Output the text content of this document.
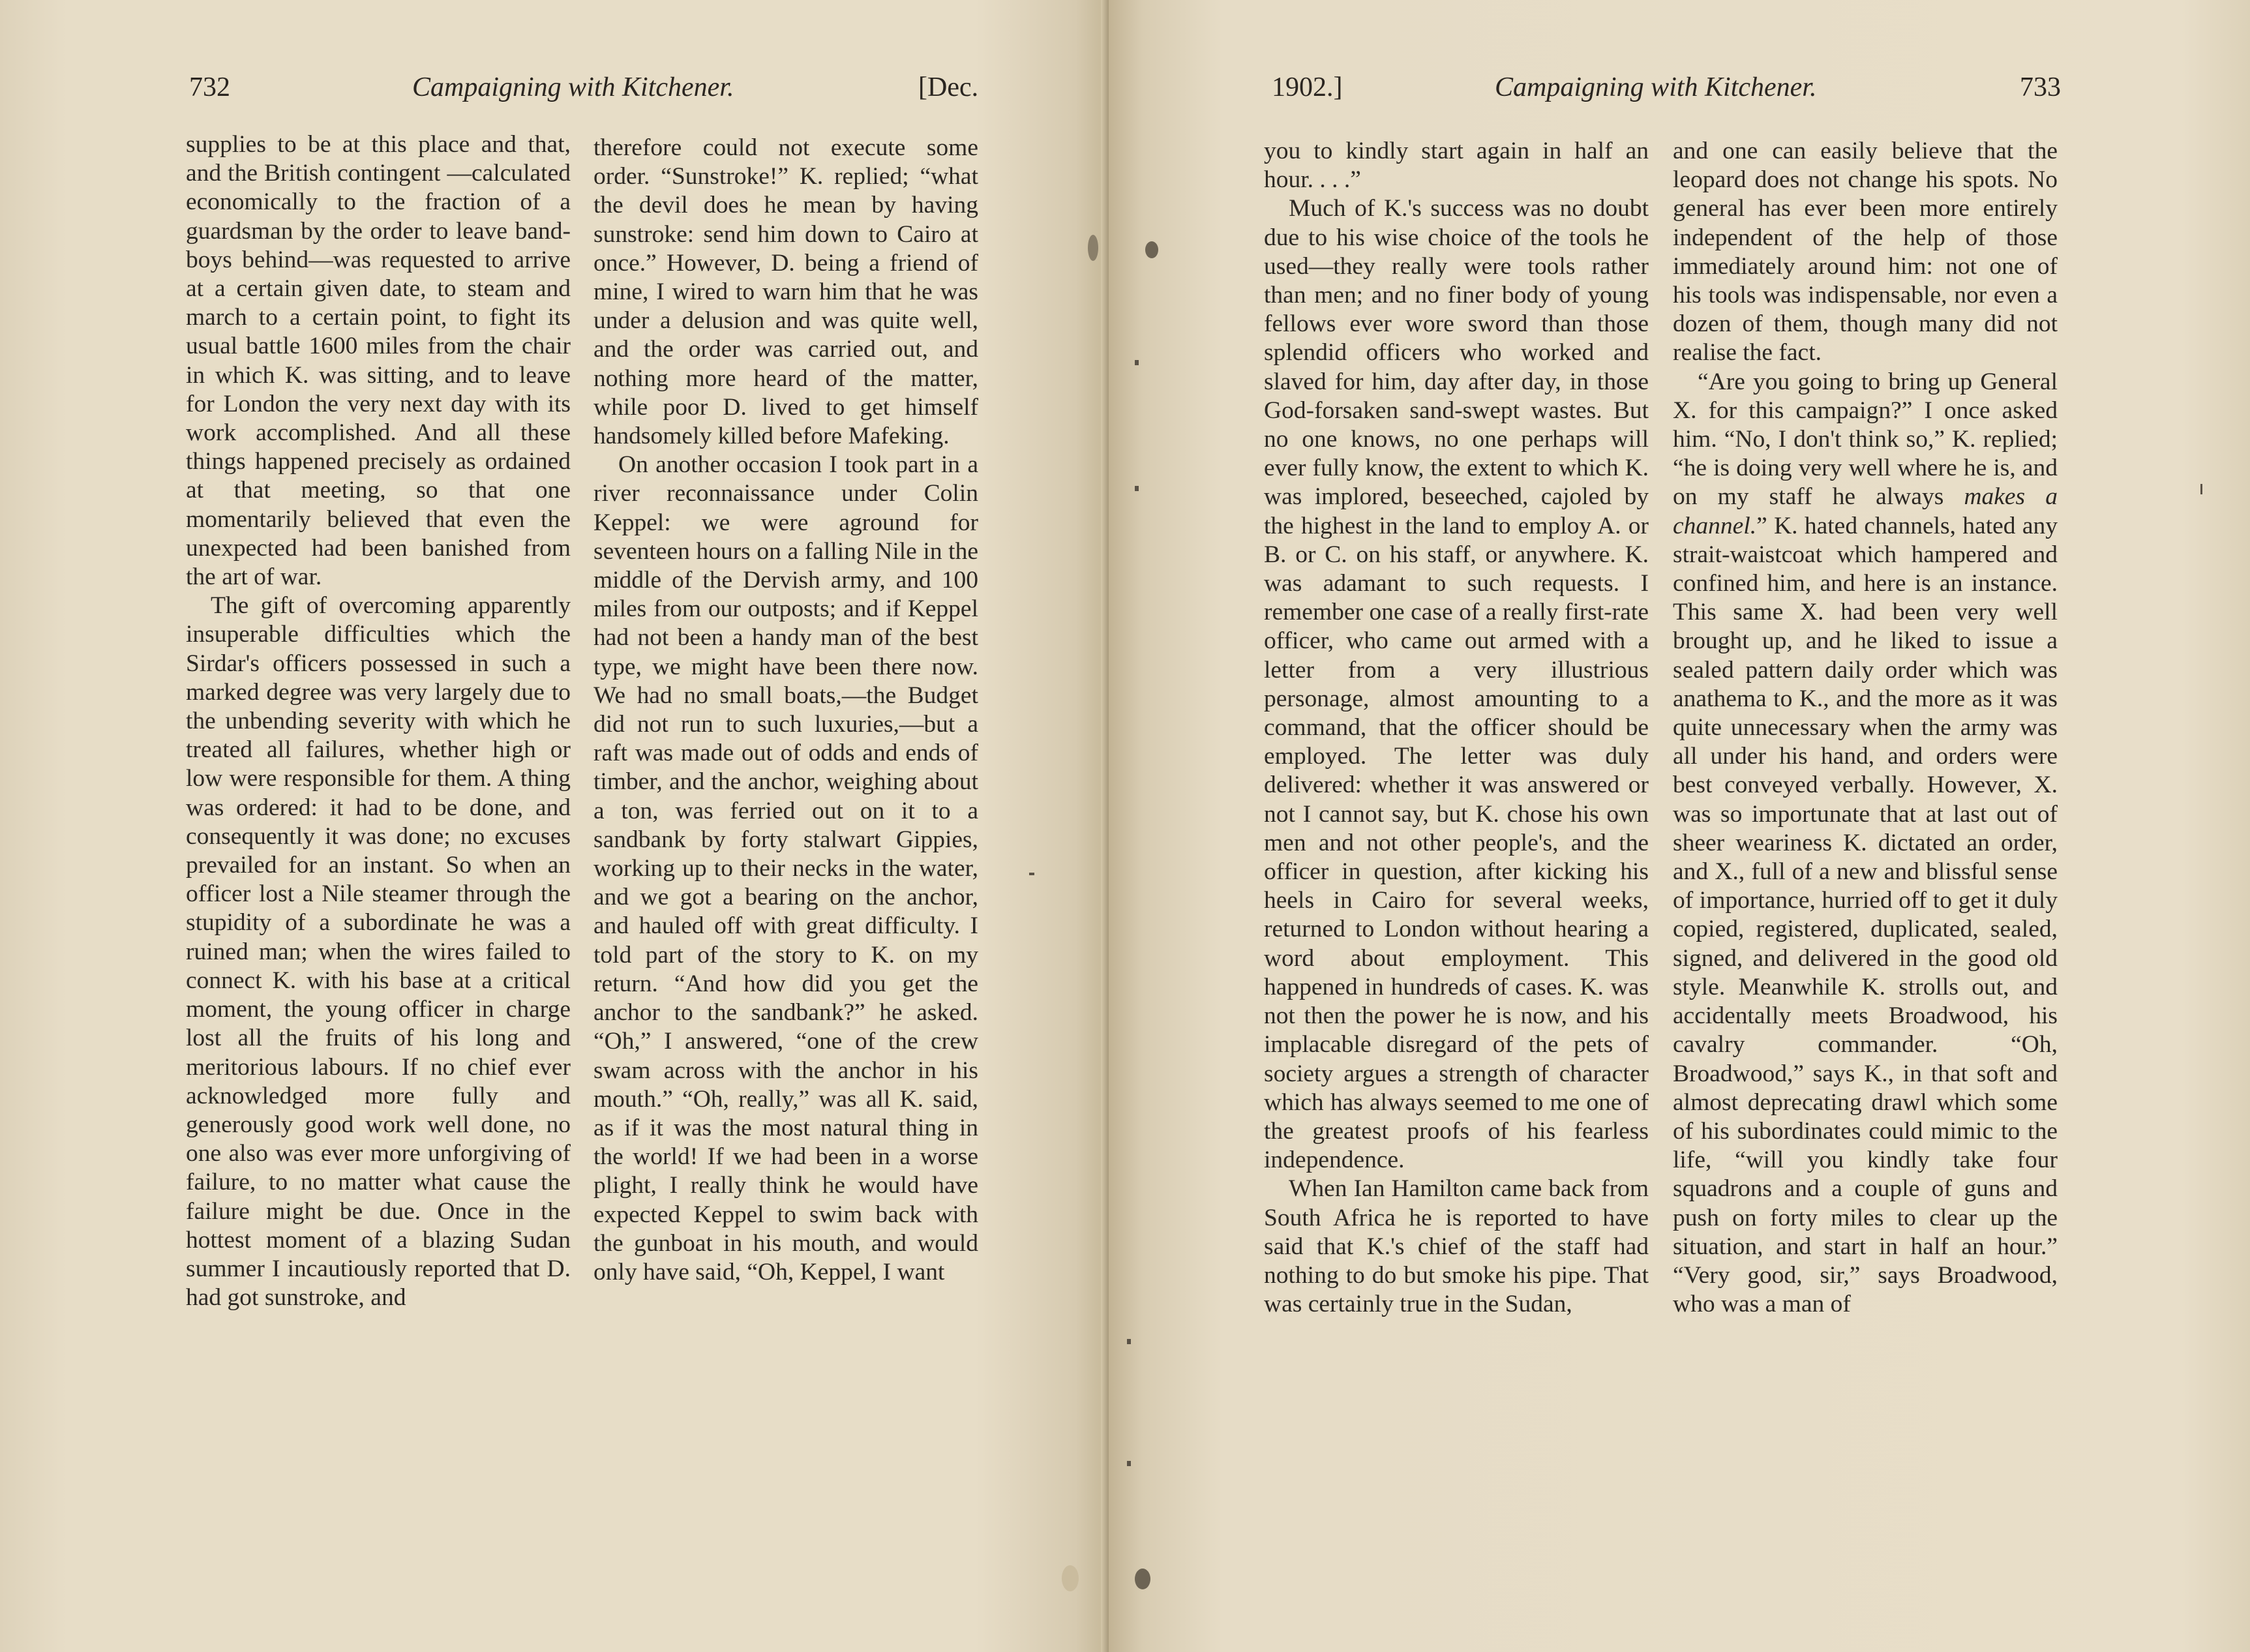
732	Campaigning with Kitchener.	[Dec.

supplies to be at this place and that, and the British contingent —calculated economically to the fraction of a guardsman by the order to leave band-boys behind—was requested to arrive at a certain given date, to steam and march to a certain point, to fight its usual battle 1600 miles from the chair in which K. was sitting, and to leave for London the very next day with its work accomplished. And all these things happened precisely as ordained at that meeting, so that one momentarily believed that even the unexpected had been banished from the art of war.

The gift of overcoming apparently insuperable difficulties which the Sirdar's officers possessed in such a marked degree was very largely due to the unbending severity with which he treated all failures, whether high or low were responsible for them. A thing was ordered: it had to be done, and consequently it was done; no excuses prevailed for an instant. So when an officer lost a Nile steamer through the stupidity of a subordinate he was a ruined man; when the wires failed to connect K. with his base at a critical moment, the young officer in charge lost all the fruits of his long and meritorious labours. If no chief ever acknowledged more fully and generously good work well done, no one also was ever more unforgiving of failure, to no matter what cause the failure might be due. Once in the hottest moment of a blazing Sudan summer I incautiously reported that D. had got sunstroke, and

therefore could not execute some order. “Sunstroke!” K. replied; “what the devil does he mean by having sunstroke: send him down to Cairo at once.” However, D. being a friend of mine, I wired to warn him that he was under a delusion and was quite well, and the order was carried out, and nothing more heard of the matter, while poor D. lived to get himself handsomely killed before Mafeking.

On another occasion I took part in a river reconnaissance under Colin Keppel: we were aground for seventeen hours on a falling Nile in the middle of the Dervish army, and 100 miles from our outposts; and if Keppel had not been a handy man of the best type, we might have been there now. We had no small boats,—the Budget did not run to such luxuries,—but a raft was made out of odds and ends of timber, and the anchor, weighing about a ton, was ferried out on it to a sandbank by forty stalwart Gippies, working up to their necks in the water, and we got a bearing on the anchor, and hauled off with great difficulty. I told part of the story to K. on my return. “And how did you get the anchor to the sandbank?” he asked. “Oh,” I answered, “one of the crew swam across with the anchor in his mouth.” “Oh, really,” was all K. said, as if it was the most natural thing in the world! If we had been in a worse plight, I really think he would have expected Keppel to swim back with the gunboat in his mouth, and would only have said, “Oh, Keppel, I want

1902.]	Campaigning with Kitchener.	733

you to kindly start again in half an hour. . . .”

Much of K.'s success was no doubt due to his wise choice of the tools he used—they really were tools rather than men; and no finer body of young fellows ever wore sword than those splendid officers who worked and slaved for him, day after day, in those God-forsaken sand-swept wastes. But no one knows, no one perhaps will ever fully know, the extent to which K. was implored, beseeched, cajoled by the highest in the land to employ A. or B. or C. on his staff, or anywhere. K. was adamant to such requests. I remember one case of a really first-rate officer, who came out armed with a letter from a very illustrious personage, almost amounting to a command, that the officer should be employed. The letter was duly delivered: whether it was answered or not I cannot say, but K. chose his own men and not other people's, and the officer in question, after kicking his heels in Cairo for several weeks, returned to London without hearing a word about employment. This happened in hundreds of cases. K. was not then the power he is now, and his implacable disregard of the pets of society argues a strength of character which has always seemed to me one of the greatest proofs of his fearless independence.

When Ian Hamilton came back from South Africa he is reported to have said that K.'s chief of the staff had nothing to do but smoke his pipe. That was certainly true in the Sudan,

and one can easily believe that the leopard does not change his spots. No general has ever been more entirely independent of the help of those immediately around him: not one of his tools was indispensable, nor even a dozen of them, though many did not realise the fact.

“Are you going to bring up General X. for this campaign?” I once asked him. “No, I don't think so,” K. replied; “he is doing very well where he is, and on my staff he always makes a channel.” K. hated channels, hated any strait-waistcoat which hampered and confined him, and here is an instance. This same X. had been very well brought up, and he liked to issue a sealed pattern daily order which was anathema to K., and the more as it was quite unnecessary when the army was all under his hand, and orders were best conveyed verbally. However, X. was so importunate that at last out of sheer weariness K. dictated an order, and X., full of a new and blissful sense of importance, hurried off to get it duly copied, registered, duplicated, sealed, signed, and delivered in the good old style. Meanwhile K. strolls out, and accidentally meets Broadwood, his cavalry commander. “Oh, Broadwood,” says K., in that soft and almost deprecating drawl which some of his subordinates could mimic to the life, “will you kindly take four squadrons and a couple of guns and push on forty miles to clear up the situation, and start in half an hour.” “Very good, sir,” says Broadwood, who was a man of
